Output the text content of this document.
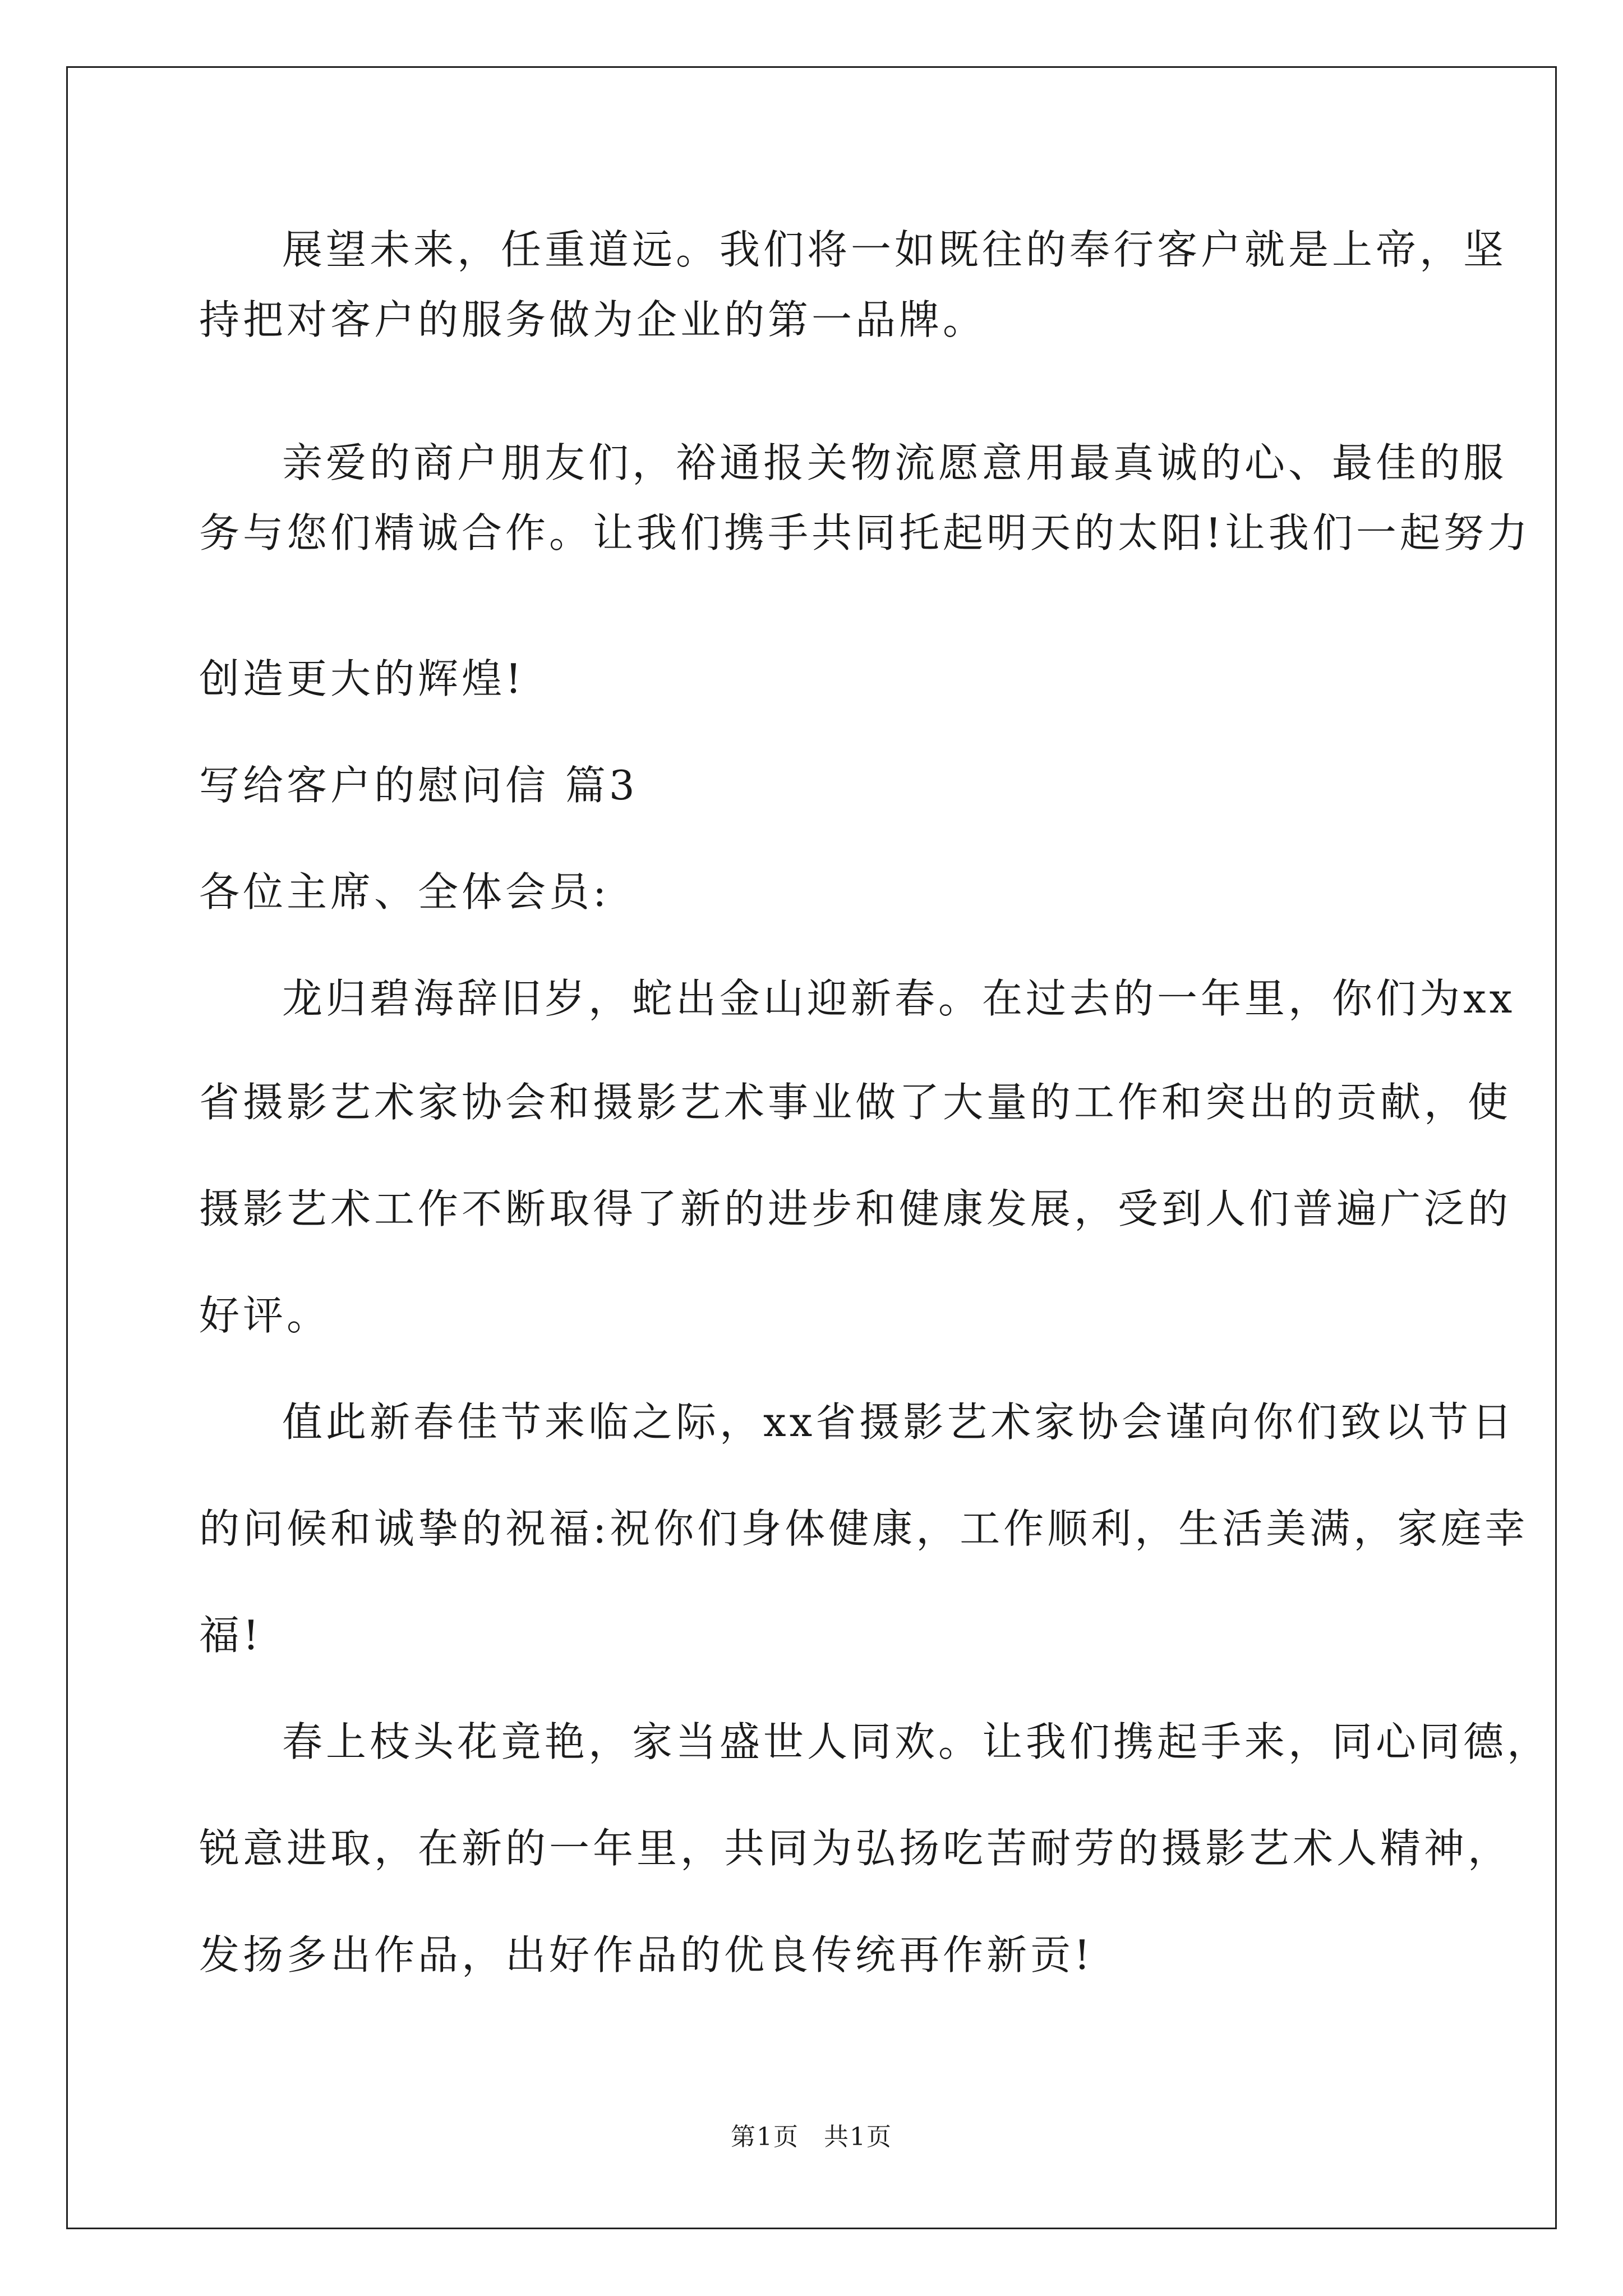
展望未来，任重道远。我们将一如既往的奉行客户就是上帝，坚
持把对客户的服务做为企业的第一品牌。
亲爱的商户朋友们，裕通报关物流愿意用最真诚的心、最佳的服
务与您们精诚合作。让我们携手共同托起明天的太阳!让我们一起努力
创造更大的辉煌!
写给客户的慰问信 篇3
各位主席、全体会员:
龙归碧海辞旧岁，蛇出金山迎新春。在过去的一年里，你们为xx
省摄影艺术家协会和摄影艺术事业做了大量的工作和突出的贡献，使
摄影艺术工作不断取得了新的进步和健康发展，受到人们普遍广泛的
好评。
值此新春佳节来临之际，xx省摄影艺术家协会谨向你们致以节日
的问候和诚挚的祝福:祝你们身体健康，工作顺利，生活美满，家庭幸
福!
春上枝头花竟艳，家当盛世人同欢。让我们携起手来，同心同德，
锐意进取，在新的一年里，共同为弘扬吃苦耐劳的摄影艺术人精神，
发扬多出作品，出好作品的优良传统再作新贡!
第1页 共1页
